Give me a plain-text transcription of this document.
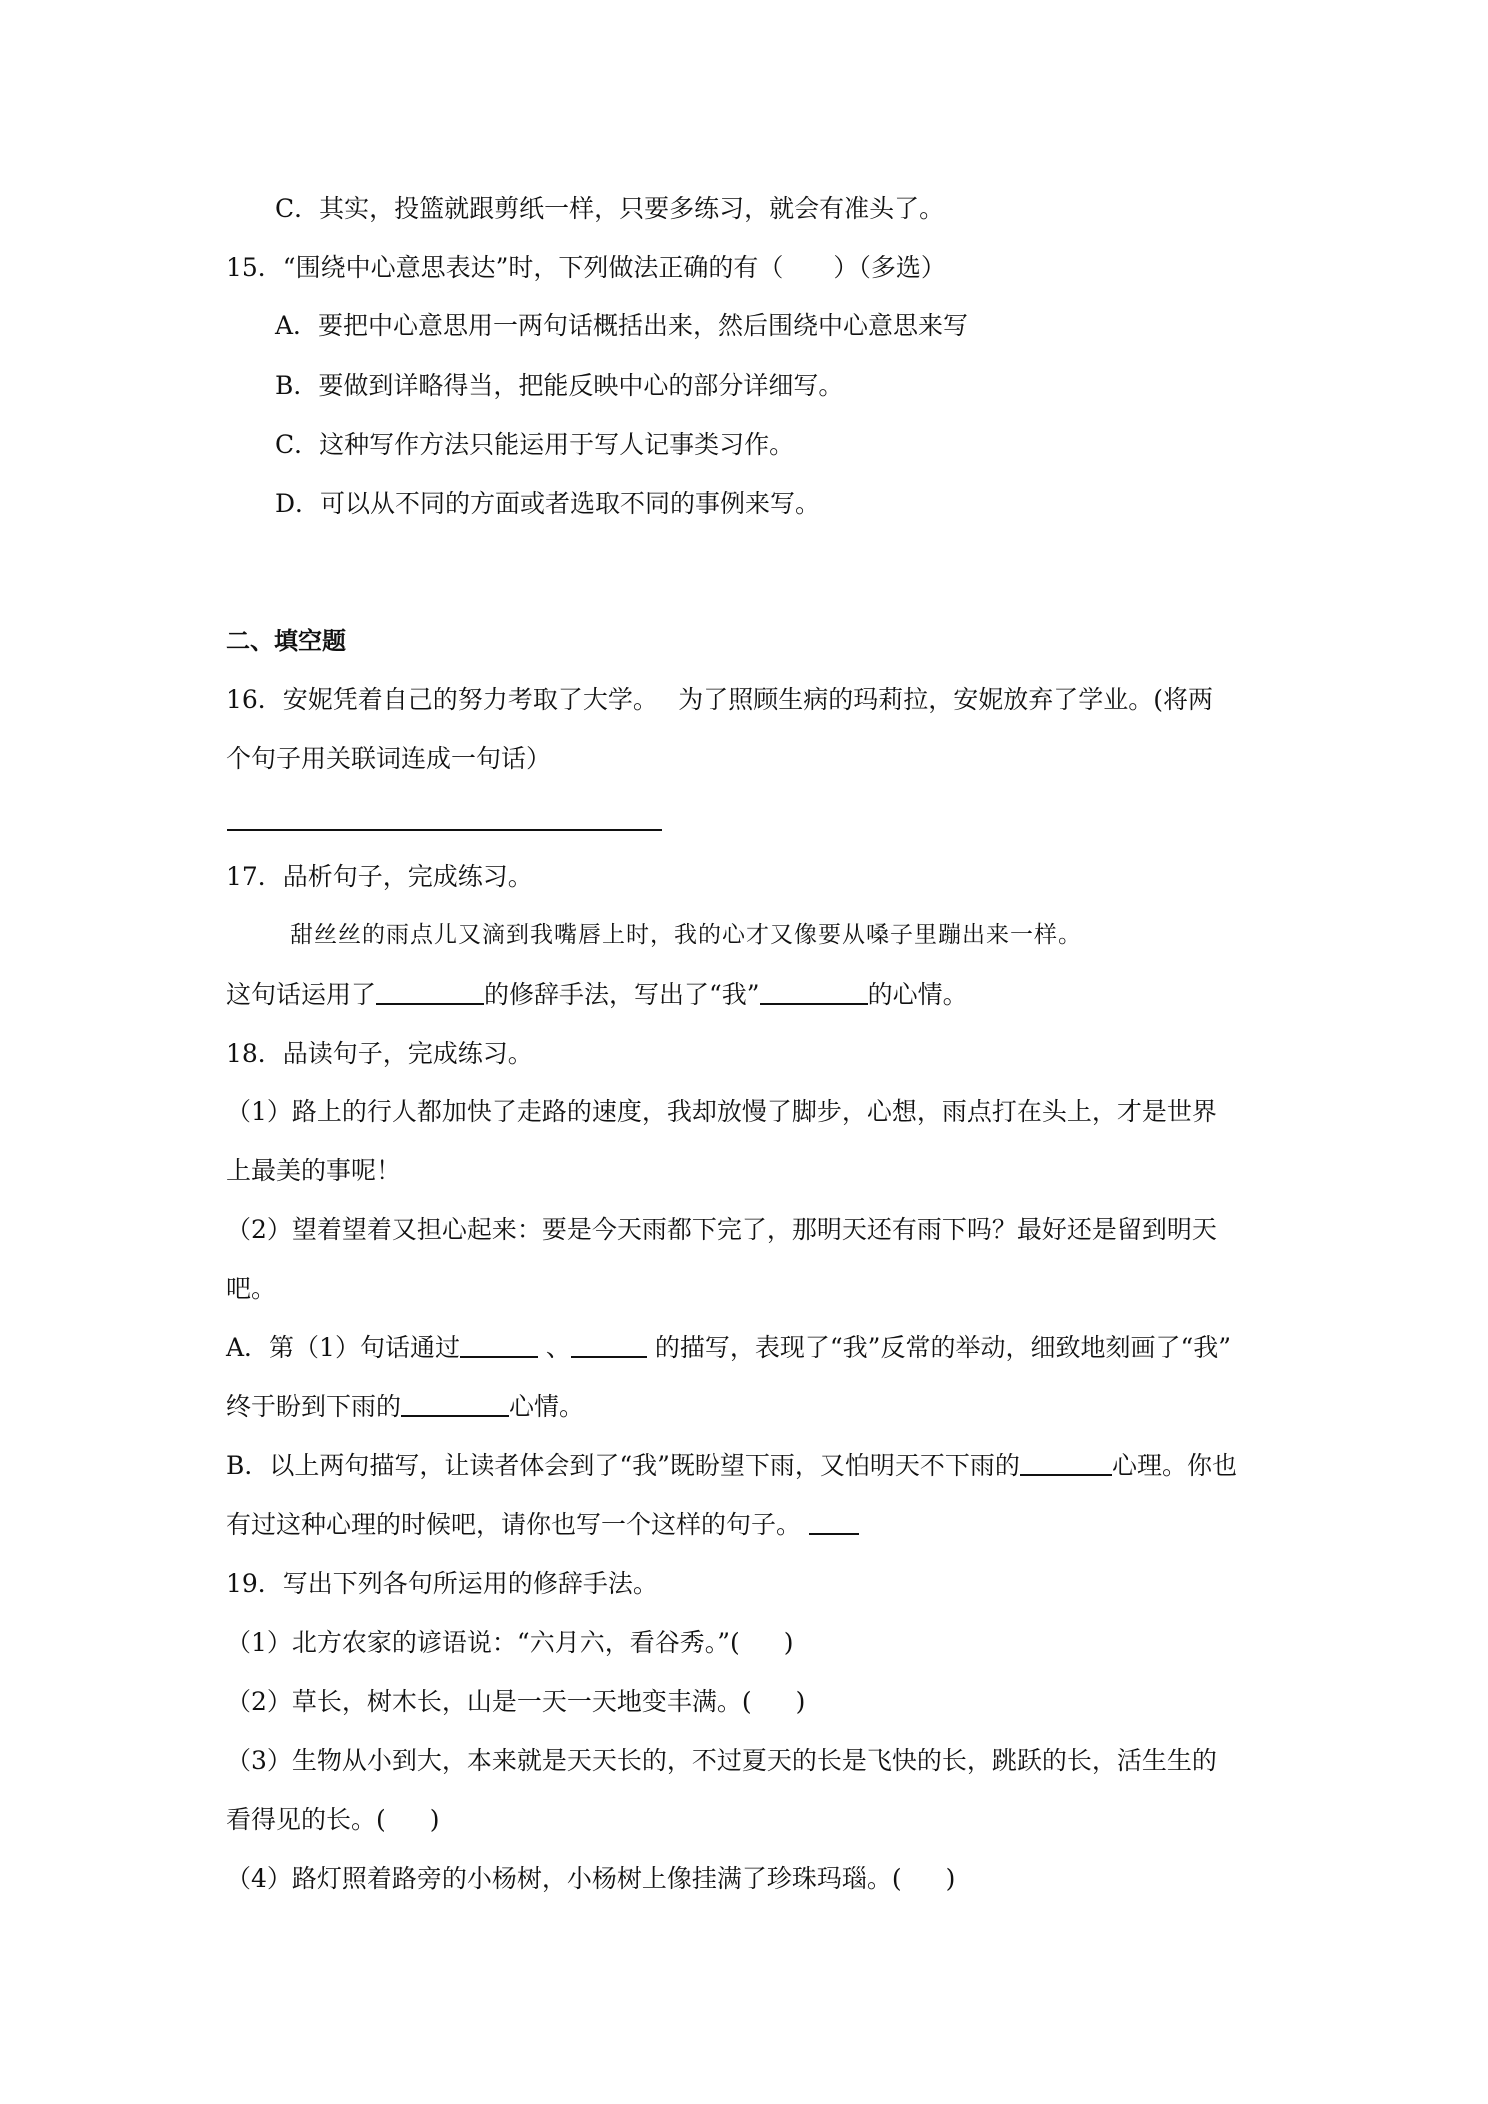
C．其实，投篮就跟剪纸一样，只要多练习，就会有准头了。
15．“围绕中心意思表达”时，下列做法正确的有（　　）（多选）
A．要把中心意思用一两句话概括出来，然后围绕中心意思来写
B．要做到详略得当，把能反映中心的部分详细写。
C．这种写作方法只能运用于写人记事类习作。
D．可以从不同的方面或者选取不同的事例来写。
二、填空题
16．安妮凭着自己的努力考取了大学。　 为了照顾生病的玛莉拉，安妮放弃了学业。(将两
个句子用关联词连成一句话）
17．品析句子，完成练习。
甜丝丝的雨点儿又滴到我嘴唇上时，我的心才又像要从嗓子里蹦出来一样。
这句话运用了	的修辞手法，写出了“我”	的心情。
18．品读句子，完成练习。
（1）路上的行人都加快了走路的速度，我却放慢了脚步，心想，雨点打在头上，才是世界
上最美的事呢！
（2）望着望着又担心起来：要是今天雨都下完了，那明天还有雨下吗？最好还是留到明天
吧。
A．第（1）句话通过	、	的描写，表现了“我”反常的举动，细致地刻画了“我”
终于盼到下雨的	心情。
B．以上两句描写，让读者体会到了“我”既盼望下雨，又怕明天不下雨的	心理。你也
有过这种心理的时候吧，请你也写一个这样的句子。
19．写出下列各句所运用的修辞手法。
（1）北方农家的谚语说：“六月六，看谷秀。”( )
（2）草长，树木长，山是一天一天地变丰满。( )
（3）生物从小到大，本来就是天天长的，不过夏天的长是飞快的长，跳跃的长，活生生的
看得见的长。( )
（4）路灯照着路旁的小杨树，小杨树上像挂满了珍珠玛瑙。( )
